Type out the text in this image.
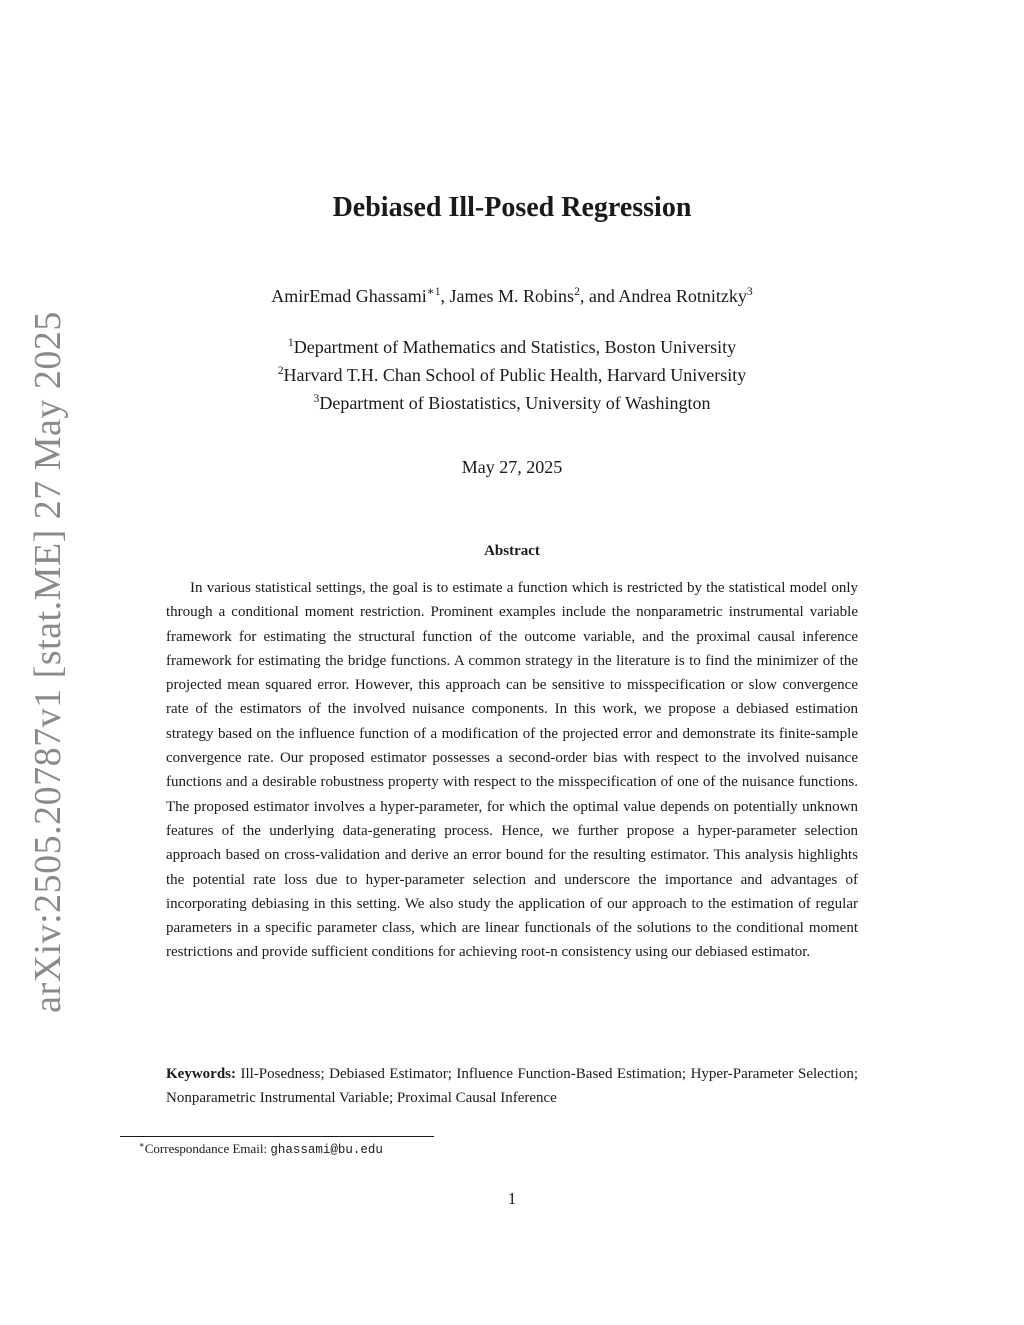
arXiv:2505.20787v1 [stat.ME] 27 May 2025
Debiased Ill-Posed Regression
AmirEmad Ghassami$^{∗1}$, James M. Robins$^2$, and Andrea Rotnitzky$^3$
$^1$Department of Mathematics and Statistics, Boston University
$^2$Harvard T.H. Chan School of Public Health, Harvard University
$^3$Department of Biostatistics, University of Washington
May 27, 2025
Abstract

In various statistical settings, the goal is to estimate a function which is restricted by the statistical model only through a conditional moment restriction. Prominent examples include the nonparametric instrumental variable framework for estimating the structural function of the outcome variable, and the proximal causal inference framework for estimating the bridge functions. A common strategy in the literature is to find the minimizer of the projected mean squared error. However, this approach can be sensitive to misspecification or slow convergence rate of the estimators of the involved nuisance components. In this work, we propose a debiased estimation strategy based on the influence function of a modification of the projected error and demonstrate its finite-sample convergence rate. Our proposed estimator possesses a second-order bias with respect to the involved nuisance functions and a desirable robustness property with respect to the misspecification of one of the nuisance functions. The proposed estimator involves a hyper-parameter, for which the optimal value depends on potentially unknown features of the underlying data-generating process. Hence, we further propose a hyper-parameter selection approach based on cross-validation and derive an error bound for the resulting estimator. This analysis highlights the potential rate loss due to hyper-parameter selection and underscore the importance and advantages of incorporating debiasing in this setting. We also study the application of our approach to the estimation of regular parameters in a specific parameter class, which are linear functionals of the solutions to the conditional moment restrictions and provide sufficient conditions for achieving root-n consistency using our debiased estimator.

Keywords: Ill-Posedness; Debiased Estimator; Influence Function-Based Estimation; Hyper-Parameter Selection; Nonparametric Instrumental Variable; Proximal Causal Inference

∗Correspondance Email: ghassami@bu.edu
1
